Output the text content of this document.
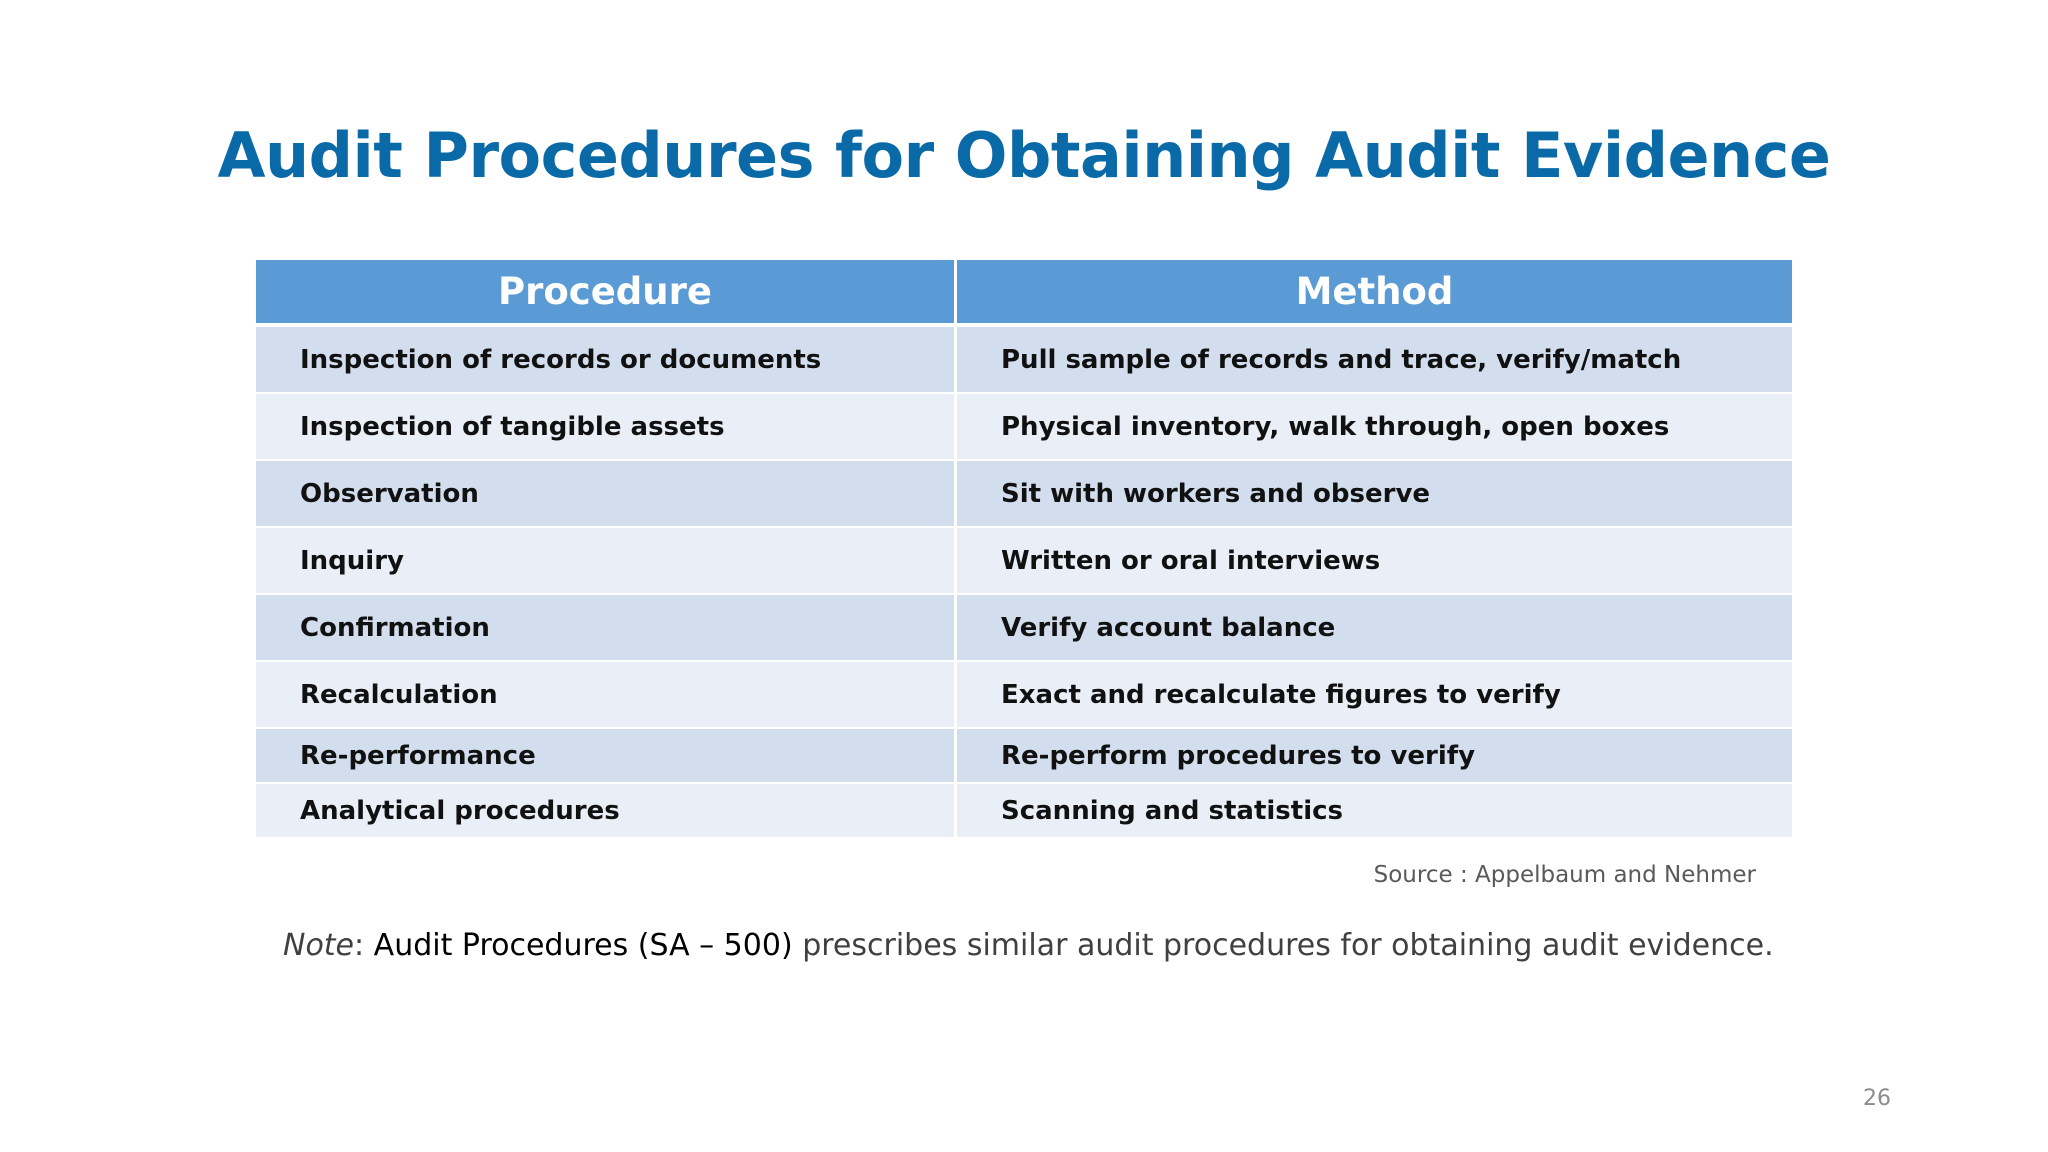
Audit Procedures for Obtaining Audit Evidence
Procedure	Method
Inspection of records or documents	Pull sample of records and trace, verify/match
Inspection of tangible assets	Physical inventory, walk through, open boxes
Observation	Sit with workers and observe
Inquiry	Written or oral interviews
Confirmation	Verify account balance
Recalculation	Exact and recalculate figures to verify
Re-performance	Re-perform procedures to verify
Analytical procedures	Scanning and statistics
Source : Appelbaum and Nehmer
Note: Audit Procedures (SA – 500) prescribes similar audit procedures for obtaining audit evidence.
26
